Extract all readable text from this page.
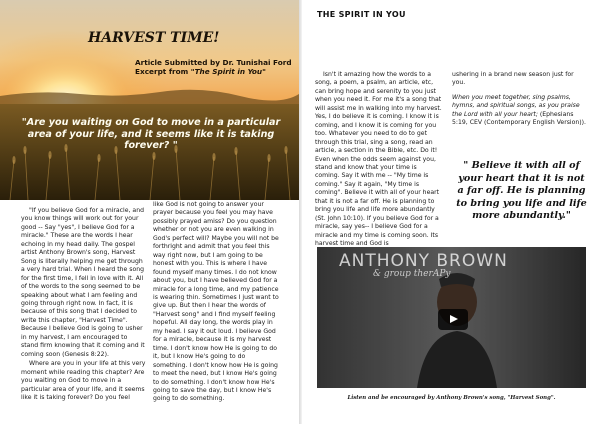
HARVEST TIME!
Article Submitted by Dr. Tunishai Ford
Excerpt from "The Spirit in You"
"Are you waiting on God to move in a particular area of your life, and it seems like it is taking forever? "

"If you believe God for a miracle, and you know things will work out for your good -- Say "yes", I believe God for a miracle." These are the words I hear echoing in my head daily. The gospel artist Anthony Brown's song, Harvest Song is literally helping me get through a very hard trial. When I heard the song for the first time, I fell in love with it. All of the words to the song seemed to be speaking about what I am feeling and going through right now. In fact, it is because of this song that I decided to write this chapter, "Harvest Time". Because I believe God is going to usher in my harvest, I am encouraged to stand firm knowing that it coming and it coming soon (Genesis 8:22).

Where are you in your life at this very moment while reading this chapter? Are you waiting on God to move in a particular area of your life, and it seems like it is taking forever? Do you feel

like God is not going to answer your prayer because you feel you may have possibly prayed amiss? Do you question whether or not you are even walking in God's perfect will? Maybe you will not be forthright and admit that you feel this way right now, but I am going to be honest with you. This is where I have found myself many times. I do not know about you, but I have believed God for a miracle for a long time, and my patience is wearing thin. Sometimes I just want to give up. But then I hear the words of "Harvest song" and I find myself feeling hopeful. All day long, the words play in my head. I say it out loud. I believe God for a miracle, because it is my harvest time. I don't know how He is going to do it, but I know He's going to do something. I don't know how He is going to meet the need, but I know He's going to do something. I don't know how He's going to save the day, but I know He's going to do something.

THE SPIRIT IN YOU

Isn't it amazing how the words to a song, a poem, a psalm, an article, etc, can bring hope and serenity to you just when you need it. For me it's a song that will assist me in walking into my harvest. Yes, I do believe it is coming. I know it is coming, and I know it is coming for you too. Whatever you need to do to get through this trial, sing a song, read an article, a section in the Bible, etc. Do it! Even when the odds seem against you, stand and know that your time is coming. Say it with me -- "My time is coming." Say it again, "My time is coming". Believe it with all of your heart that it is not a far off. He is planning to bring you life and life more abundantly (St. John 10:10). If you believe God for a miracle, say yes-- I believe God for a miracle and my time is coming soon. Its harvest time and God is

ushering in a brand new season just for you.

When you meet together, sing psalms, hymns, and spiritual songs, as you praise the Lord with all your heart; (Ephesians 5:19, CEV (Contemporary English Version)).

" Believe it with all of your heart that it is not a far off. He is planning to bring you life and life more abundantly."
ANTHONY BROWN
& group therAPy
Listen and be encouraged by Anthony Brown's song, "Harvest Song".
